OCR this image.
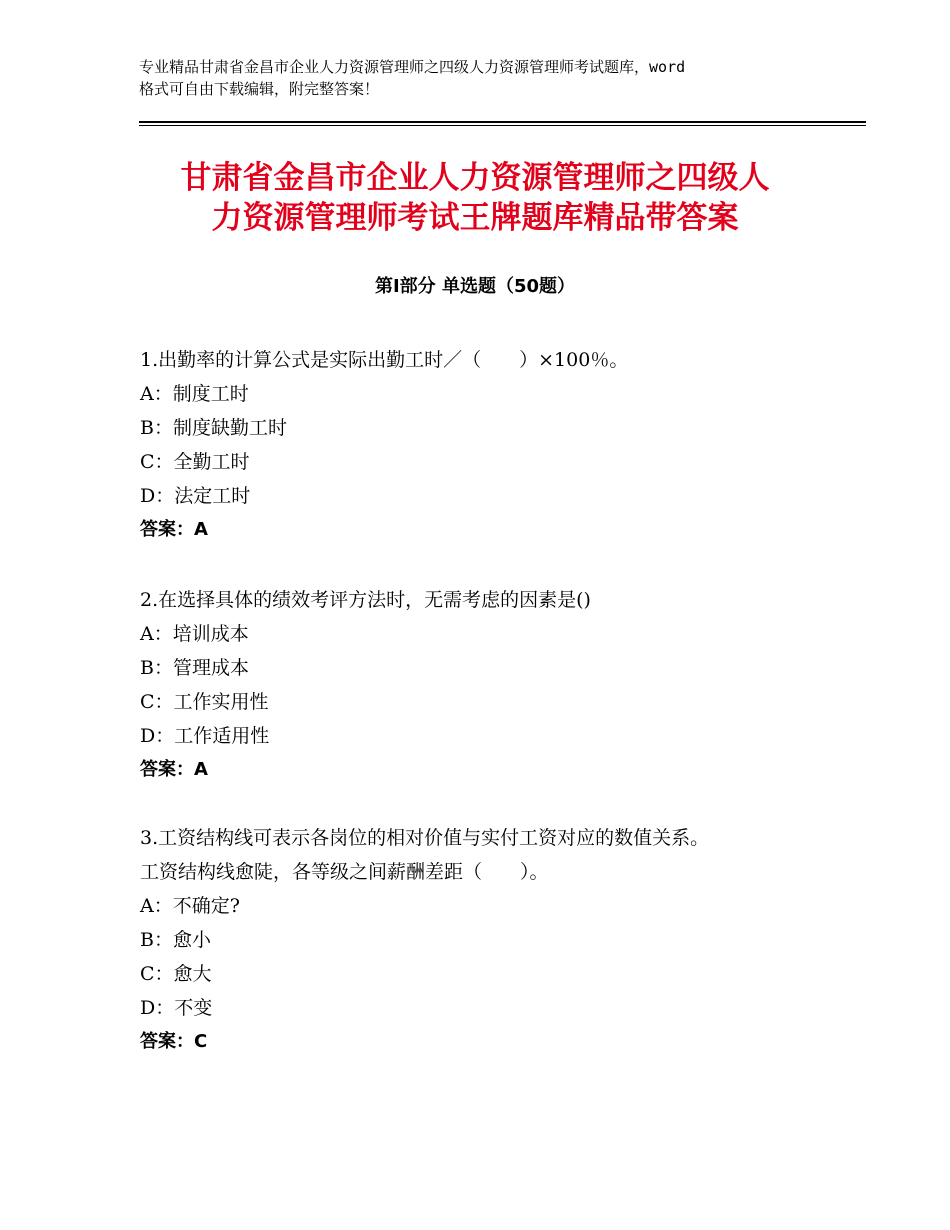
专业精品甘肃省金昌市企业人力资源管理师之四级人力资源管理师考试题库，word
格式可自由下载编辑，附完整答案！
甘肃省金昌市企业人力资源管理师之四级人
力资源管理师考试王牌题库精品带答案
第Ⅰ部分 单选题（50题）

1.出勤率的计算公式是实际出勤工时／（　　）×100％。

A：制度工时

B：制度缺勤工时

C：全勤工时

D：法定工时

答案：A

2.在选择具体的绩效考评方法时，无需考虑的因素是()

A：培训成本

B：管理成本

C：工作实用性

D：工作适用性

答案：A

3.工资结构线可表示各岗位的相对价值与实付工资对应的数值关系。

工资结构线愈陡，各等级之间薪酬差距（　　）。

A：不确定?

B：愈小

C：愈大

D：不变

答案：C
